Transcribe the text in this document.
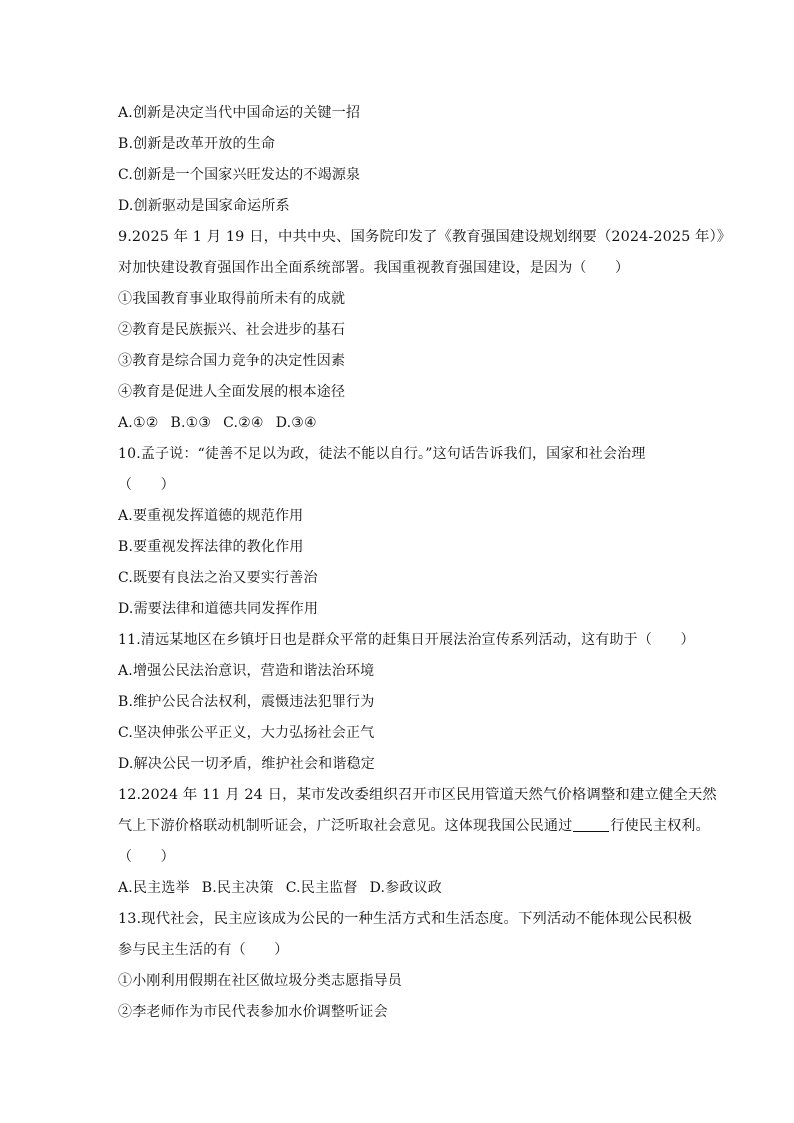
A.创新是决定当代中国命运的关键一招
B.创新是改革开放的生命
C.创新是一个国家兴旺发达的不竭源泉
D.创新驱动是国家命运所系
9.2025 年 1 月 19 日，中共中央、国务院印发了《教育强国建设规划纲要（2024-2025 年）》
对加快建设教育强国作出全面系统部署。我国重视教育强国建设，是因为（　　）
①我国教育事业取得前所未有的成就
②教育是民族振兴、社会进步的基石
③教育是综合国力竞争的决定性因素
④教育是促进人全面发展的根本途径
A.①② B.①③ C.②④ D.③④
10.孟子说：“徒善不足以为政，徒法不能以自行。”这句话告诉我们，国家和社会治理
（　　）
A.要重视发挥道德的规范作用
B.要重视发挥法律的教化作用
C.既要有良法之治又要实行善治
D.需要法律和道德共同发挥作用
11.清远某地区在乡镇圩日也是群众平常的赶集日开展法治宣传系列活动，这有助于（　　）
A.增强公民法治意识，营造和谐法治环境
B.维护公民合法权利，震慑违法犯罪行为
C.坚决伸张公平正义，大力弘扬社会正气
D.解决公民一切矛盾，维护社会和谐稳定
12.2024 年 11 月 24 日，某市发改委组织召开市区民用管道天然气价格调整和建立健全天然
气上下游价格联动机制听证会，广泛听取社会意见。这体现我国公民通过	行使民主权利。
（　　）
A.民主选举 B.民主决策 C.民主监督 D.参政议政
13.现代社会，民主应该成为公民的一种生活方式和生活态度。下列活动不能体现公民积极
参与民主生活的有（　　）
①小刚利用假期在社区做垃圾分类志愿指导员
②李老师作为市民代表参加水价调整听证会
